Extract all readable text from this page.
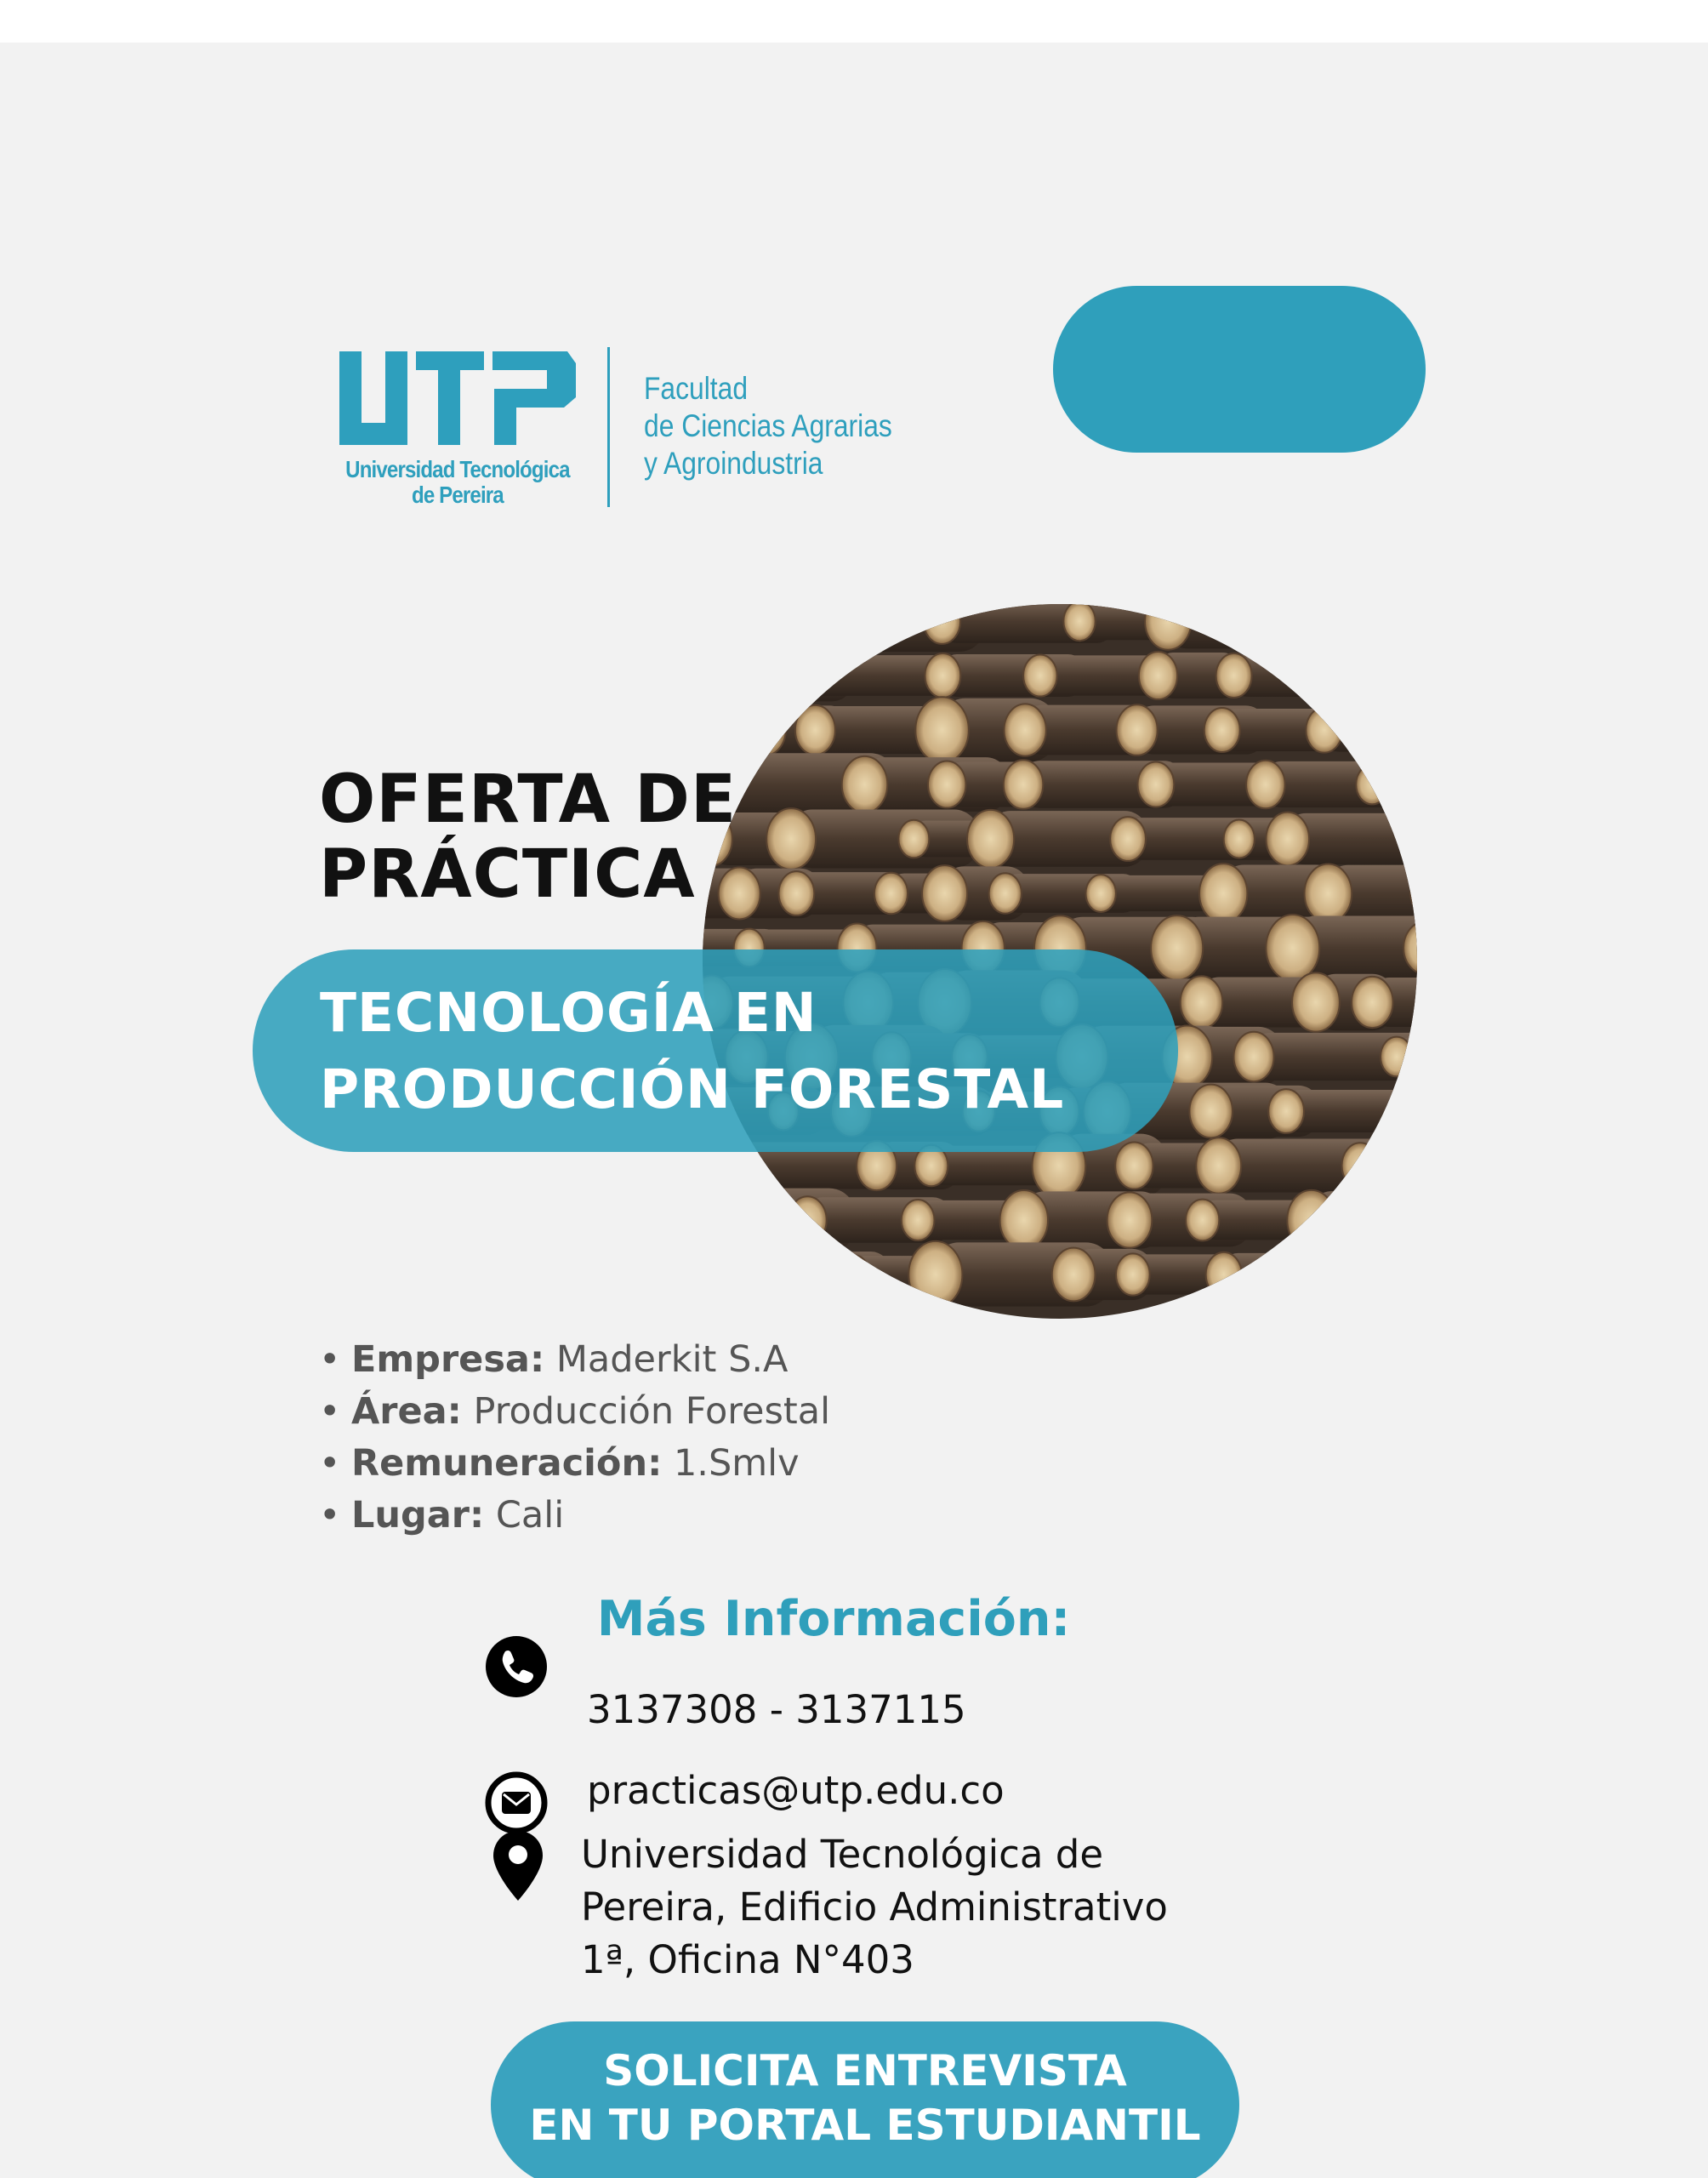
Universidad Tecnológica
de Pereira
Facultad
de Ciencias Agrarias
y Agroindustria
OFERTA DE
PRÁCTICA
TECNOLOGÍA EN
PRODUCCIÓN FORESTAL
• Empresa: Maderkit S.A
• Área: Producción Forestal
• Remuneración: 1.Smlv
• Lugar: Cali
Más Información:
3137308 - 3137115
practicas@utp.edu.co
Universidad Tecnológica de
Pereira, Edificio Administrativo
1ª, Oficina N°403
SOLICITA ENTREVISTA
EN TU PORTAL ESTUDIANTIL
